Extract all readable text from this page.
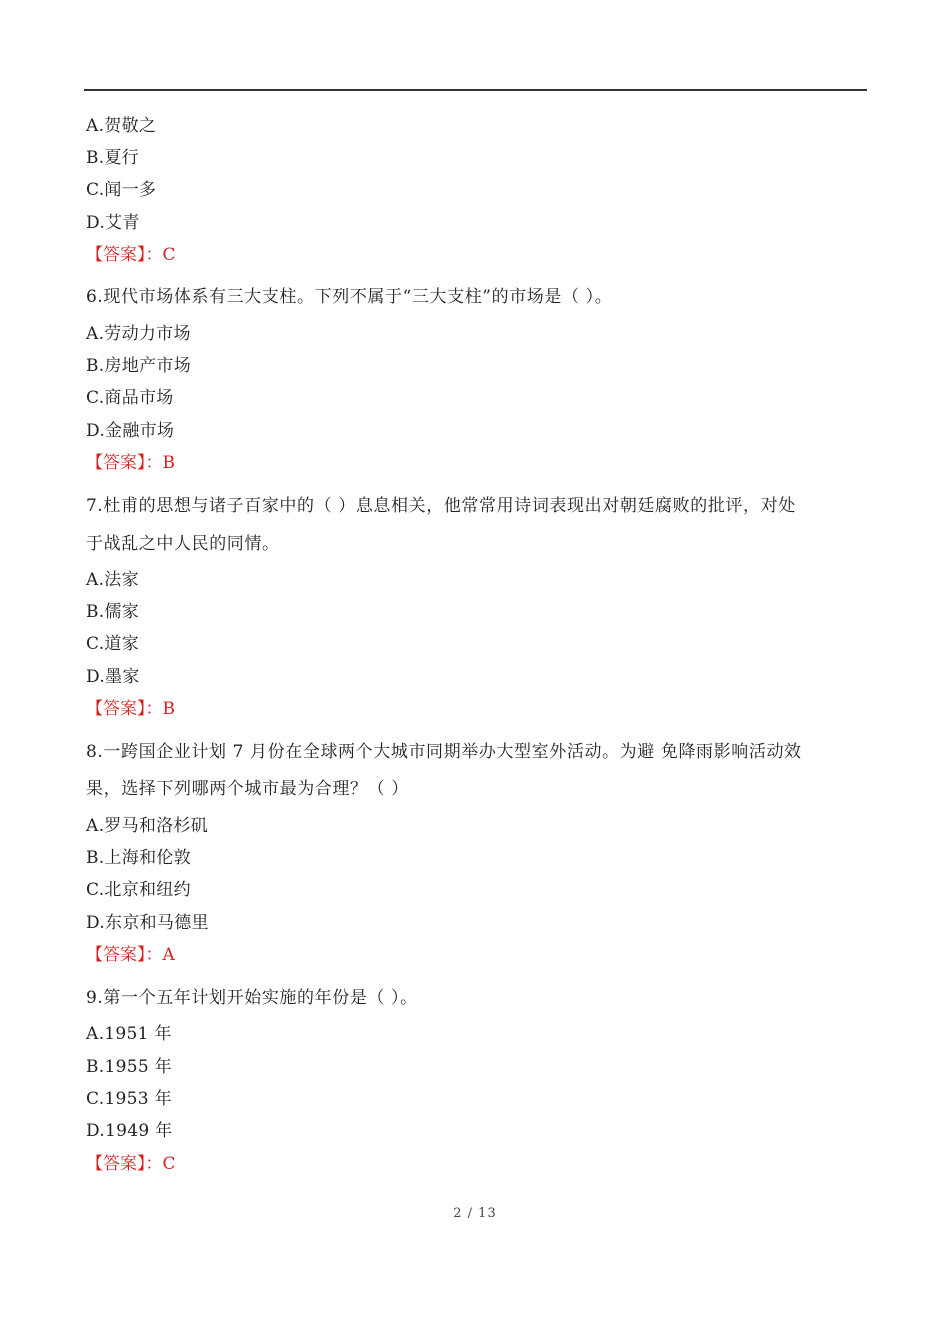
A.贺敬之
B.夏行
C.闻一多
D.艾青
【答案】：C
6.现代市场体系有三大支柱。下列不属于“三大支柱”的市场是（ ）。
A.劳动力市场
B.房地产市场
C.商品市场
D.金融市场
【答案】：B
7.杜甫的思想与诸子百家中的（ ）息息相关，他常常用诗词表现出对朝廷腐败的批评，对处
于战乱之中人民的同情。
A.法家
B.儒家
C.道家
D.墨家
【答案】：B
8.一跨国企业计划 7 月份在全球两个大城市同期举办大型室外活动。为避 免降雨影响活动效
果，选择下列哪两个城市最为合理？（ ）
A.罗马和洛杉矶
B.上海和伦敦
C.北京和纽约
D.东京和马德里
【答案】：A
9.第一个五年计划开始实施的年份是（ ）。
A.1951 年
B.1955 年
C.1953 年
D.1949 年
【答案】：C
2 / 13
